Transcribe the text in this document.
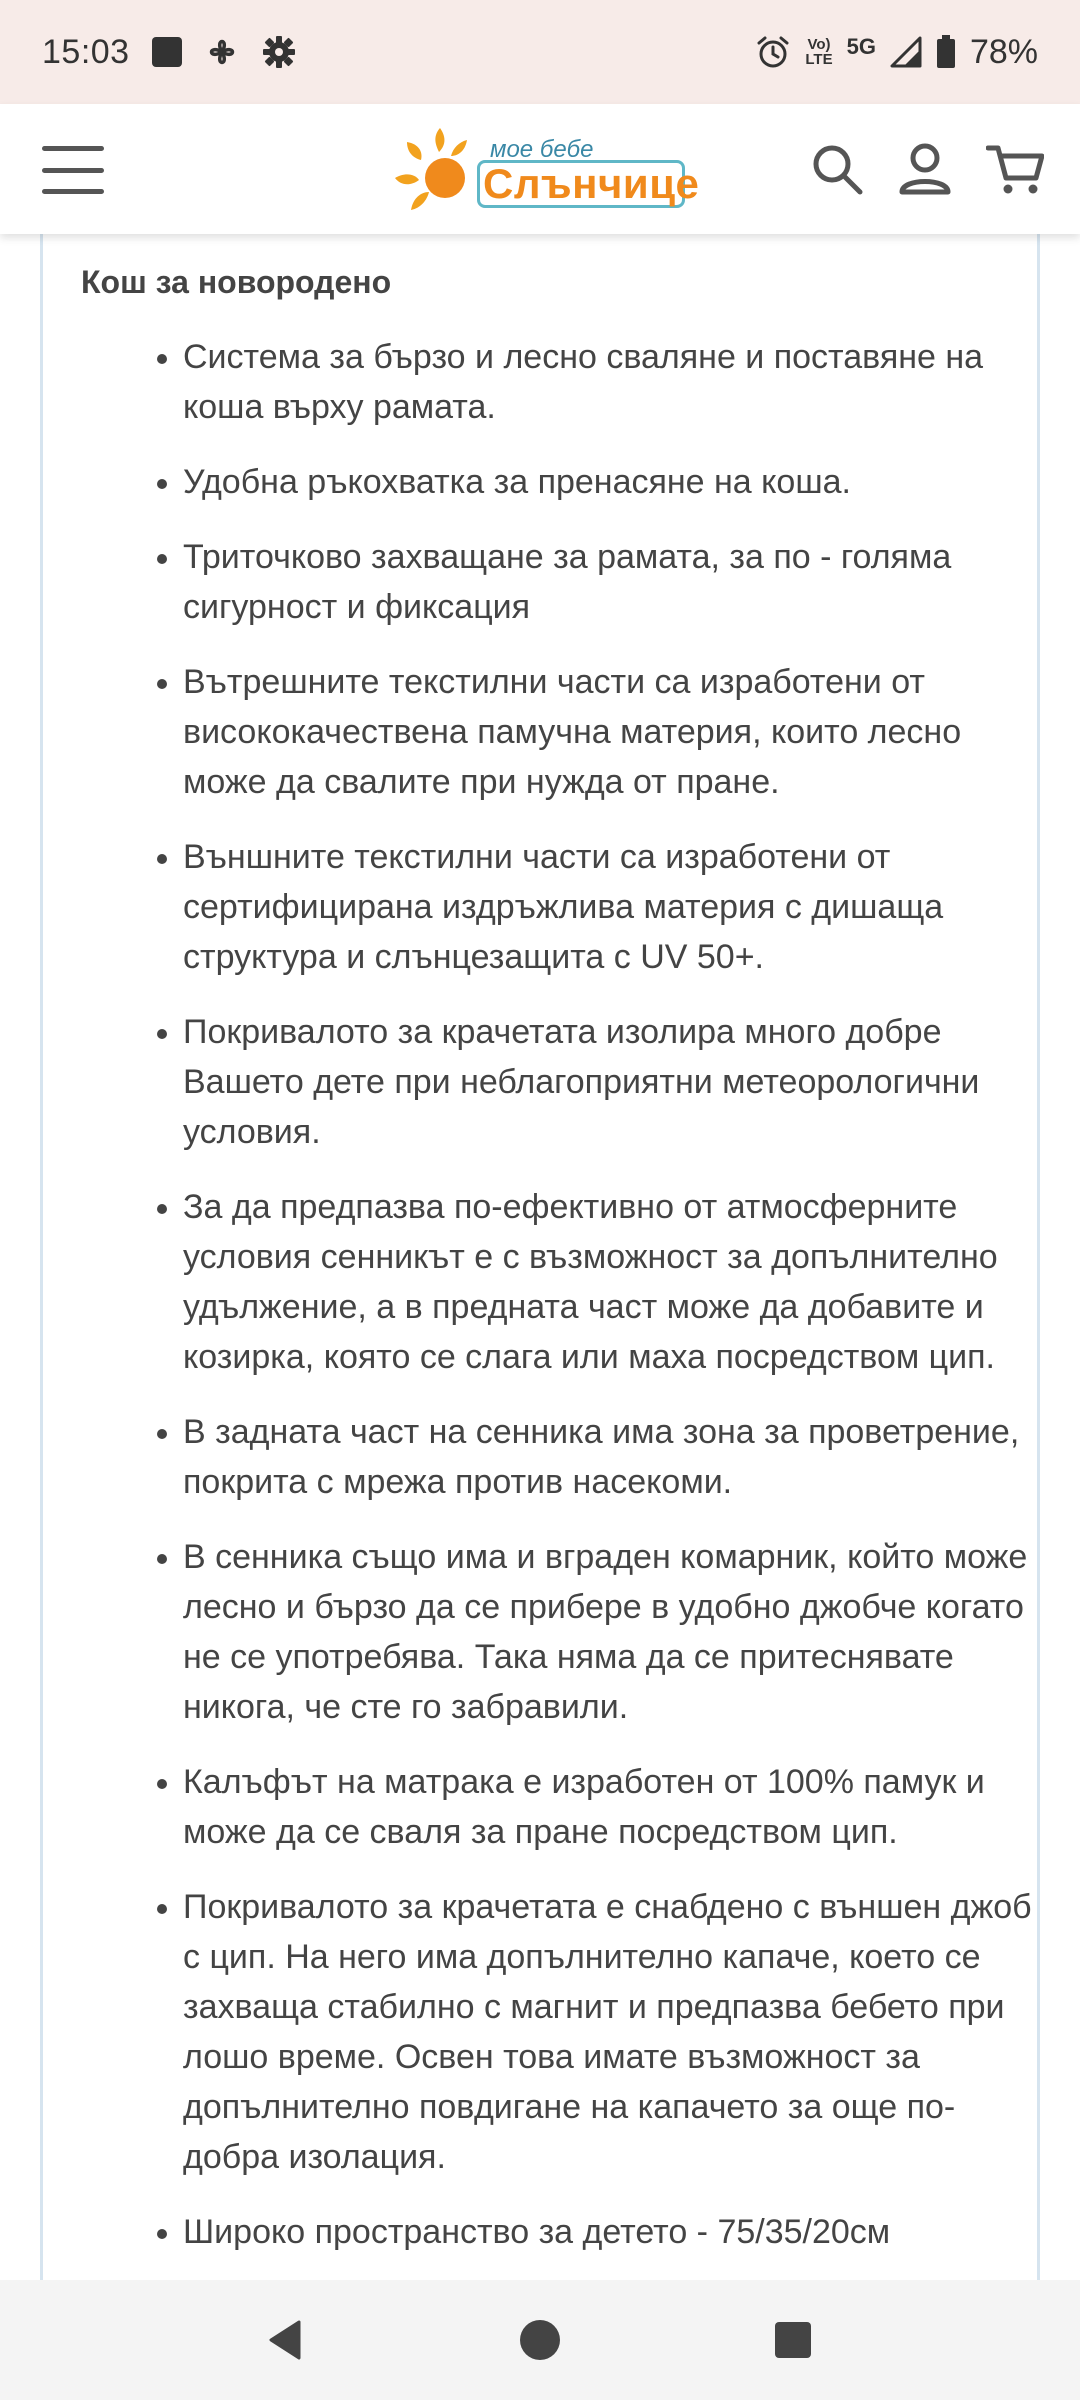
15:03	Vo)
LTE
5G	78%
мое бебе
Слънчице
Кош за новородено
Система за бързо и лесно сваляне и поставяне на коша върху рамата.
Удобна ръкохватка за пренасяне на коша.
Триточково захващане за рамата, за по - голяма сигурност и фиксация
Вътрешните текстилни части са изработени от висококачествена памучна материя, които лесно може да свалите при нужда от пране.
Външните текстилни части са изработени от сертифицирана издръжлива материя с дишаща структура и слънцезащита с UV 50+.
Покривалото за крачетата изолира много добре Вашето дете при неблагоприятни метеорологични условия.
За да предпазва по-ефективно от атмосферните условия сенникът е с възможност за допълнително удължение, а в предната част може да добавите и козирка, която се слага или маха посредством цип.
В задната част на сенника има зона за проветрение, покрита с мрежа против насекоми.
В сенника също има и вграден комарник, който може лесно и бързо да се прибере в удобно джобче когато не се употребява. Така няма да се притеснявате никога, че сте го забравили.
Калъфът на матрака е изработен от 100% памук и може да се сваля за пране посредством цип.
Покривалото за крачетата е снабдено с външен джоб с цип. На него има допълнително капаче, което се захваща стабилно с магнит и предпазва бебето при лошо време. Освен това имате възможност за допълнително повдигане на капачето за още по-добра изолация.
Широко пространство за детето - 75/35/20см
